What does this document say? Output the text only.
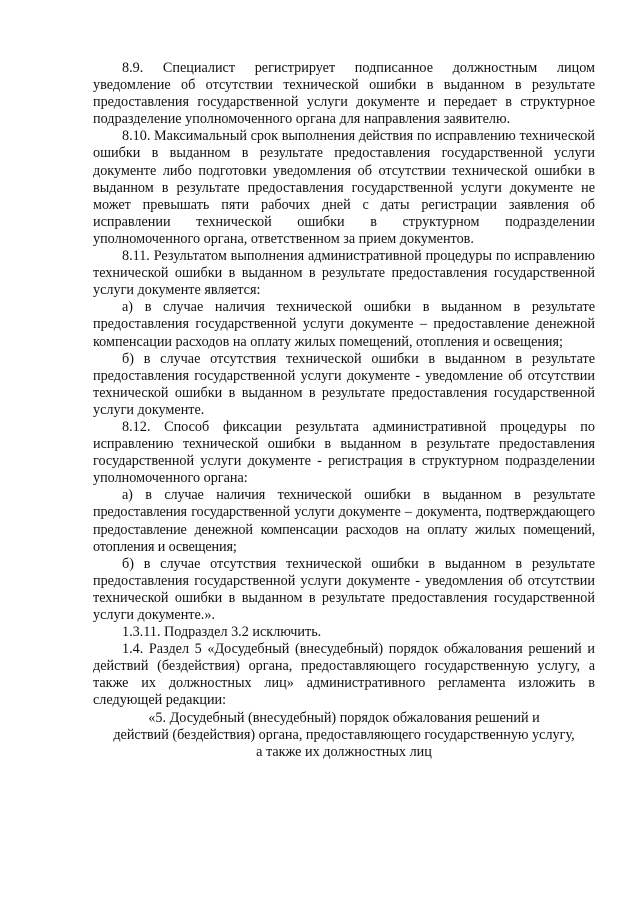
8.9. Специалист регистрирует подписанное должностным лицом уведомление об отсутствии технической ошибки в выданном в результате предоставления государственной услуги документе и передает в структурное подразделение уполномоченного органа для направления заявителю.

8.10. Максимальный срок выполнения действия по исправлению технической ошибки в выданном в результате предоставления государственной услуги документе либо подготовки уведомления об отсутствии технической ошибки в выданном в результате предоставления государственной услуги документе не может превышать пяти рабочих дней с даты регистрации заявления об исправлении технической ошибки в структурном подразделении уполномоченного органа, ответственном за прием документов.

8.11. Результатом выполнения административной процедуры по исправлению технической ошибки в выданном в результате предоставления государственной услуги документе является:

а) в случае наличия технической ошибки в выданном в результате предоставления государственной услуги документе – предоставление денежной компенсации расходов на оплату жилых помещений, отопления и освещения;

б) в случае отсутствия технической ошибки в выданном в результате предоставления государственной услуги документе - уведомление об отсутствии технической ошибки в выданном в результате предоставления государственной услуги документе.

8.12. Способ фиксации результата административной процедуры по исправлению технической ошибки в выданном в результате предоставления государственной услуги документе - регистрация в структурном подразделении уполномоченного органа:

а) в случае наличия технической ошибки в выданном в результате предоставления государственной услуги документе – документа, подтверждающего предоставление денежной компенсации расходов на оплату жилых помещений, отопления и освещения;

б) в случае отсутствия технической ошибки в выданном в результате предоставления государственной услуги документе - уведомления об отсутствии технической ошибки в выданном в результате предоставления государственной услуги документе.».

1.3.11. Подраздел 3.2 исключить.

1.4. Раздел 5 «Досудебный (внесудебный) порядок обжалования решений и действий (бездействия) органа, предоставляющего государственную услугу, а также их должностных лиц» административного регламента изложить в следующей редакции:

«5. Досудебный (внесудебный) порядок обжалования решений и

действий (бездействия) органа, предоставляющего государственную услугу,

а также их должностных лиц
